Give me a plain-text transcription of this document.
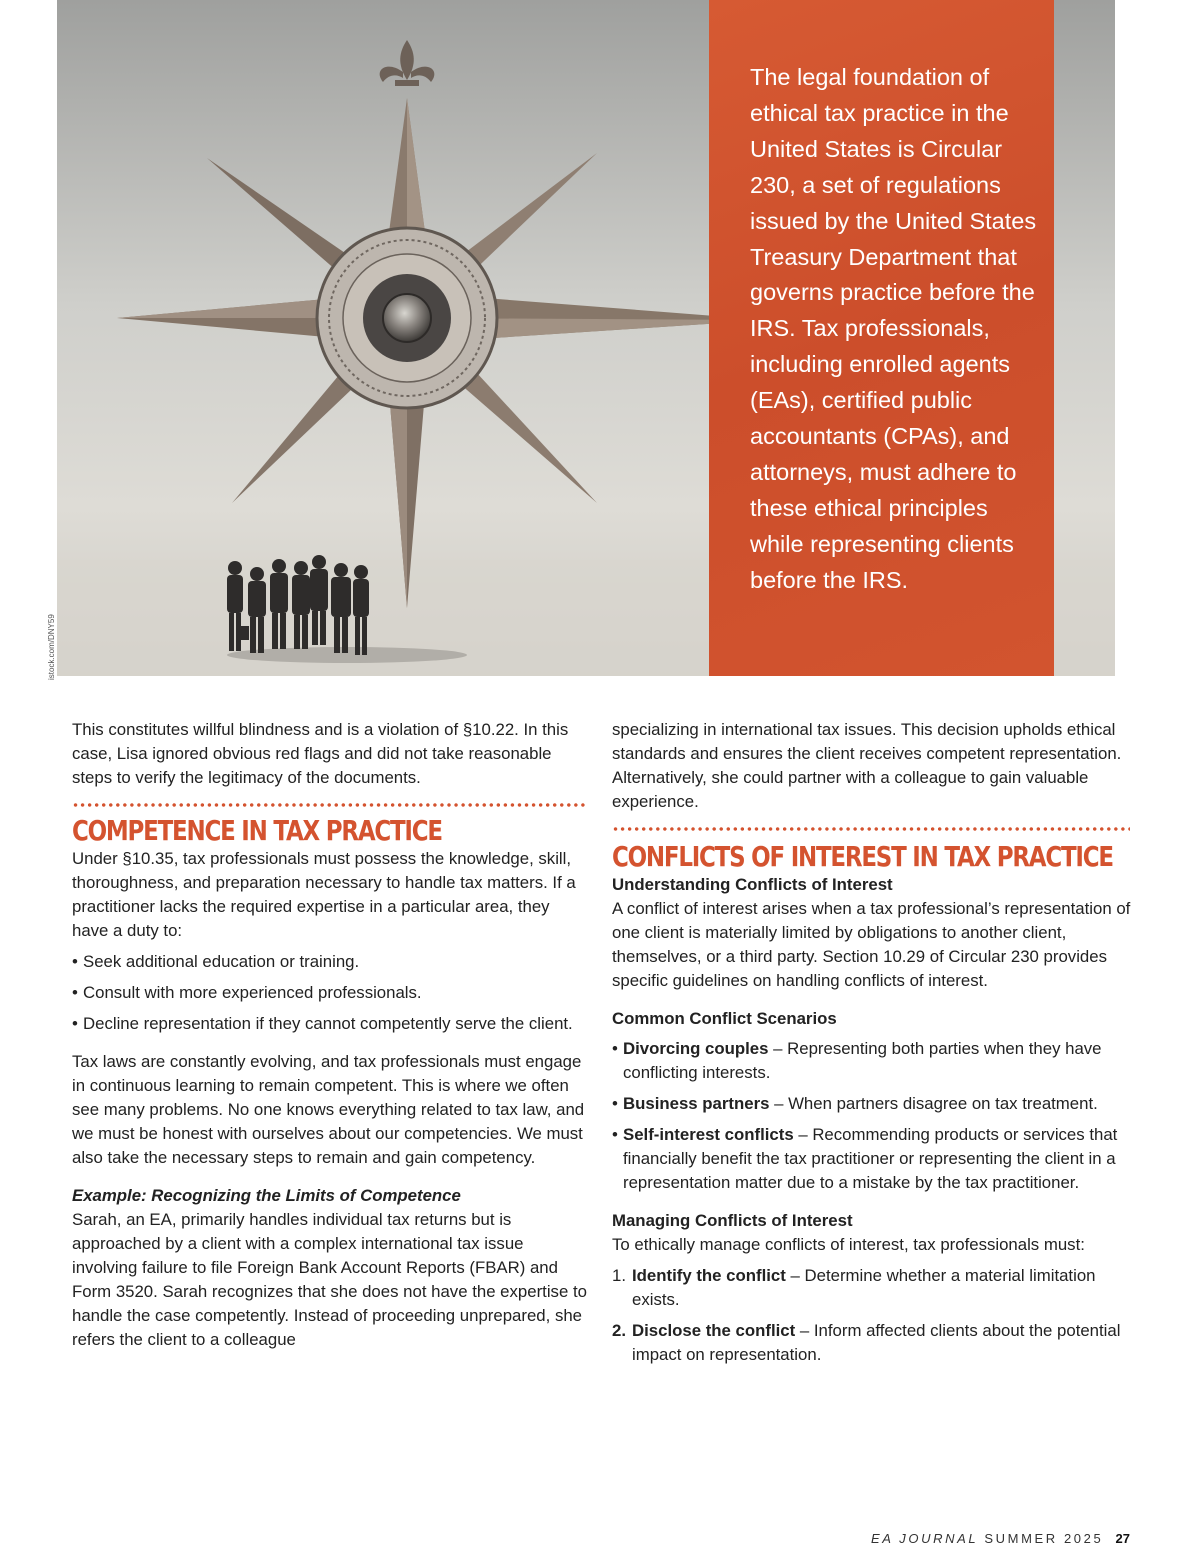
The legal foundation of ethical tax practice in the United States is Circular 230, a set of regulations issued by the United States Treasury Department that governs practice before the IRS. Tax professionals, including enrolled agents (EAs), certified public accountants (CPAs), and attorneys, must adhere to these ethical principles while representing clients before the IRS.

istock.com/DNY59

This constitutes willful blindness and is a violation of §10.22. In this case, Lisa ignored obvious red flags and did not take reasonable steps to verify the legitimacy of the documents.

COMPETENCE IN TAX PRACTICE

Under §10.35, tax professionals must possess the knowledge, skill, thoroughness, and preparation necessary to handle tax matters. If a practitioner lacks the required expertise in a particular area, they have a duty to:

• Seek additional education or training.
• Consult with more experienced professionals.
• Decline representation if they cannot competently serve the client.

Tax laws are constantly evolving, and tax professionals must engage in continuous learning to remain competent. This is where we often see many problems. No one knows everything related to tax law, and we must be honest with ourselves about our competencies. We must also take the necessary steps to remain and gain competency.

Example: Recognizing the Limits of Competence

Sarah, an EA, primarily handles individual tax returns but is approached by a client with a complex international tax issue involving failure to file Foreign Bank Account Reports (FBAR) and Form 3520. Sarah recognizes that she does not have the expertise to handle the case competently. Instead of proceeding unprepared, she refers the client to a colleague

specializing in international tax issues. This decision upholds ethical standards and ensures the client receives competent representation. Alternatively, she could partner with a colleague to gain valuable experience.

CONFLICTS OF INTEREST IN TAX PRACTICE

Understanding Conflicts of Interest

A conflict of interest arises when a tax professional’s representation of one client is materially limited by obligations to another client, themselves, or a third party. Section 10.29 of Circular 230 provides specific guidelines on handling conflicts of interest.

Common Conflict Scenarios

• Divorcing couples – Representing both parties when they have conflicting interests.
• Business partners – When partners disagree on tax treatment.
• Self-interest conflicts – Recommending products or services that financially benefit the tax practitioner or representing the client in a representation matter due to a mistake by the tax practitioner.

Managing Conflicts of Interest

To ethically manage conflicts of interest, tax professionals must:

1. Identify the conflict – Determine whether a material limitation exists.
2. Disclose the conflict – Inform affected clients about the potential impact on representation.
EA JOURNAL SUMMER 2025 27
